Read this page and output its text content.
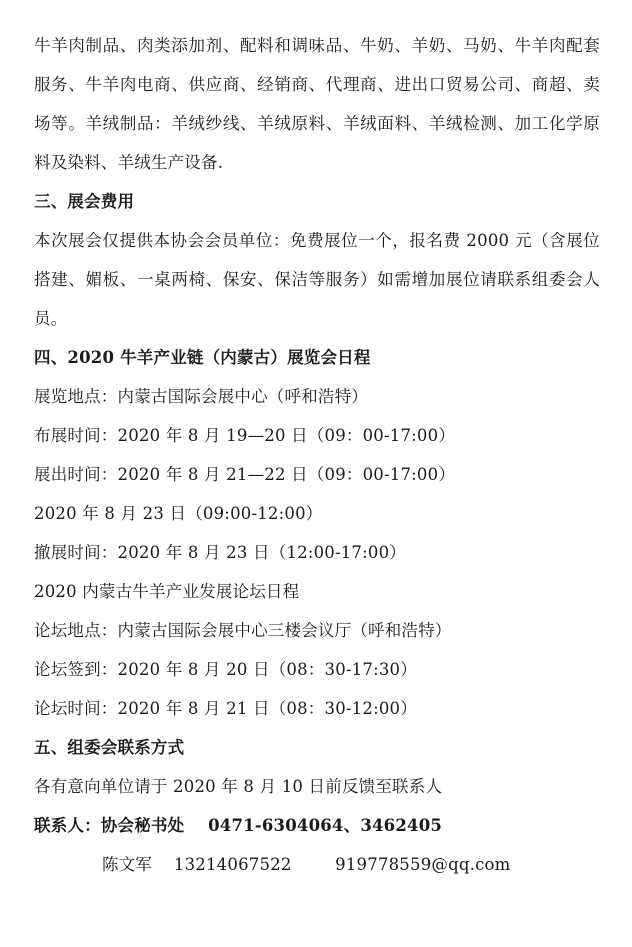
牛羊肉制品、肉类添加剂、配料和调味品、牛奶、羊奶、马奶、牛羊肉配套服务、牛羊肉电商、供应商、经销商、代理商、进出口贸易公司、商超、卖场等。羊绒制品：羊绒纱线、羊绒原料、羊绒面料、羊绒检测、加工化学原料及染料、羊绒生产设备.

三、展会费用

本次展会仅提供本协会会员单位：免费展位一个，报名费 2000 元（含展位搭建、媚板、一桌两椅、保安、保洁等服务）如需增加展位请联系组委会人员。

四、2020 牛羊产业链（内蒙古）展览会日程

展览地点：内蒙古国际会展中心（呼和浩特）

布展时间：2020 年 8 月 19—20 日（09：00-17:00）

展出时间：2020 年 8 月 21—22 日（09：00-17:00）

2020 年 8 月 23 日（09:00-12:00）

撤展时间：2020 年 8 月 23 日（12:00-17:00）

2020 内蒙古牛羊产业发展论坛日程

论坛地点：内蒙古国际会展中心三楼会议厅（呼和浩特）

论坛签到：2020 年 8 月 20 日（08：30-17:30）

论坛时间：2020 年 8 月 21 日（08：30-12:00）

五、组委会联系方式

各有意向单位请于 2020 年 8 月 10 日前反馈至联系人

联系人：协会秘书处    0471-6304064、3462405

陈文军    13214067522        919778559@qq.com
